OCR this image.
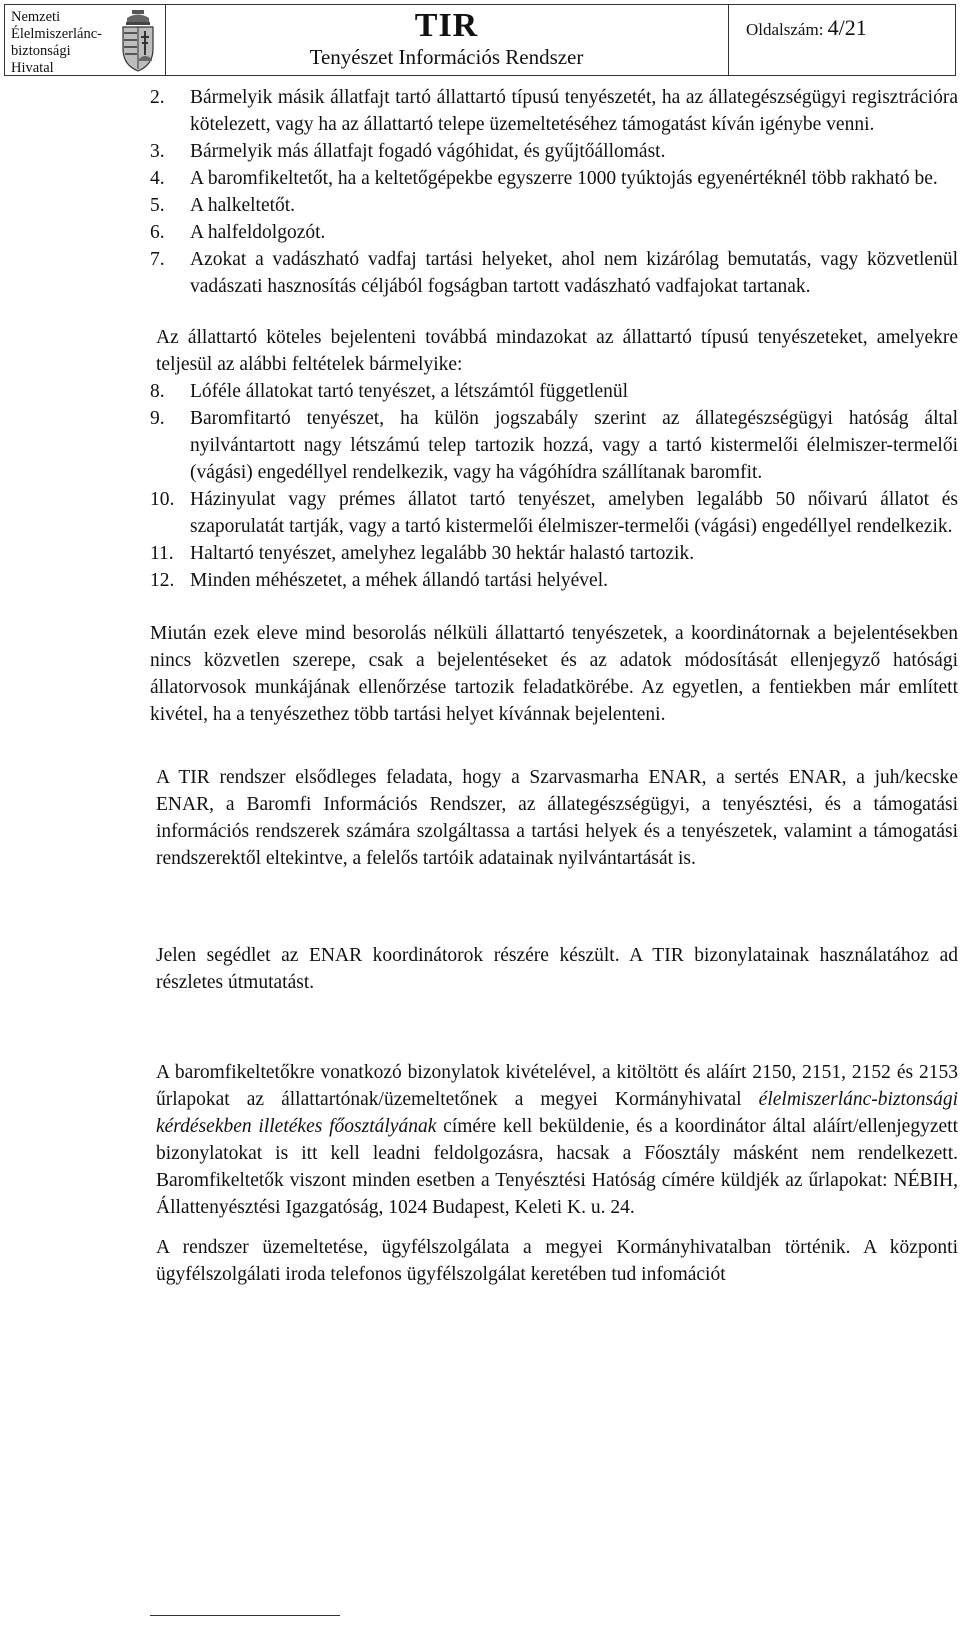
Nemzeti
Élelmiszerlánc-
biztonsági
Hivatal
TIR
Tenyészet Információs Rendszer
Oldalszám: 4/21
2. Bármelyik másik állatfajt tartó állattartó típusú tenyészetét, ha az állategészségügyi regisztrációra kötelezett, vagy ha az állattartó telepe üzemeltetéséhez támogatást kíván igénybe venni.
3. Bármelyik más állatfajt fogadó vágóhidat, és gyűjtőállomást.
4. A baromfikeltetőt, ha a keltetőgépekbe egyszerre 1000 tyúktojás egyenértéknél több rakható be.
5. A halkeltetőt.
6. A halfeldolgozót.
7. Azokat a vadászható vadfaj tartási helyeket, ahol nem kizárólag bemutatás, vagy közvetlenül vadászati hasznosítás céljából fogságban tartott vadászható vadfajokat tartanak.

Az állattartó köteles bejelenteni továbbá mindazokat az állattartó típusú tenyészeteket, amelyekre teljesül az alábbi feltételek bármelyike:

8. Lóféle állatokat tartó tenyészet, a létszámtól függetlenül
9. Baromfitartó tenyészet, ha külön jogszabály szerint az állategészségügyi hatóság által nyilvántartott nagy létszámú telep tartozik hozzá, vagy a tartó kistermelői élelmiszer-termelői (vágási) engedéllyel rendelkezik, vagy ha vágóhídra szállítanak baromfit.
10. Házinyulat vagy prémes állatot tartó tenyészet, amelyben legalább 50 nőivarú állatot és szaporulatát tartják, vagy a tartó kistermelői élelmiszer-termelői (vágási) engedéllyel rendelkezik.
11. Haltartó tenyészet, amelyhez legalább 30 hektár halastó tartozik.
12. Minden méhészetet, a méhek állandó tartási helyével.

Miután ezek eleve mind besorolás nélküli állattartó tenyészetek, a koordinátornak a bejelentésekben nincs közvetlen szerepe, csak a bejelentéseket és az adatok módosítását ellenjegyző hatósági állatorvosok munkájának ellenőrzése tartozik feladatkörébe. Az egyetlen, a fentiekben már említett kivétel, ha a tenyészethez több tartási helyet kívánnak bejelenteni.

A TIR rendszer elsődleges feladata, hogy a Szarvasmarha ENAR, a sertés ENAR, a juh/kecske ENAR, a Baromfi Információs Rendszer, az állategészségügyi, a tenyésztési, és a támogatási információs rendszerek számára szolgáltassa a tartási helyek és a tenyészetek, valamint a támogatási rendszerektől eltekintve, a felelős tartóik adatainak nyilvántartását is.

Jelen segédlet az ENAR koordinátorok részére készült. A TIR bizonylatainak használatához ad részletes útmutatást.

A baromfikeltetőkre vonatkozó bizonylatok kivételével, a kitöltött és aláírt 2150, 2151, 2152 és 2153 űrlapokat az állattartónak/üzemeltetőnek a megyei Kormányhivatal élelmiszerlánc-biztonsági kérdésekben illetékes főosztályának címére kell beküldenie, és a koordinátor által aláírt/ellenjegyzett bizonylatokat is itt kell leadni feldolgozásra, hacsak a Főosztály másként nem rendelkezett. Baromfikeltetők viszont minden esetben a Tenyésztési Hatóság címére küldjék az űrlapokat: NÉBIH, Állattenyésztési Igazgatóság, 1024 Budapest, Keleti K. u. 24.

A rendszer üzemeltetése, ügyfélszolgálata a megyei Kormányhivatalban történik. A központi ügyfélszolgálati iroda telefonos ügyfélszolgálat keretében tud infomációt
